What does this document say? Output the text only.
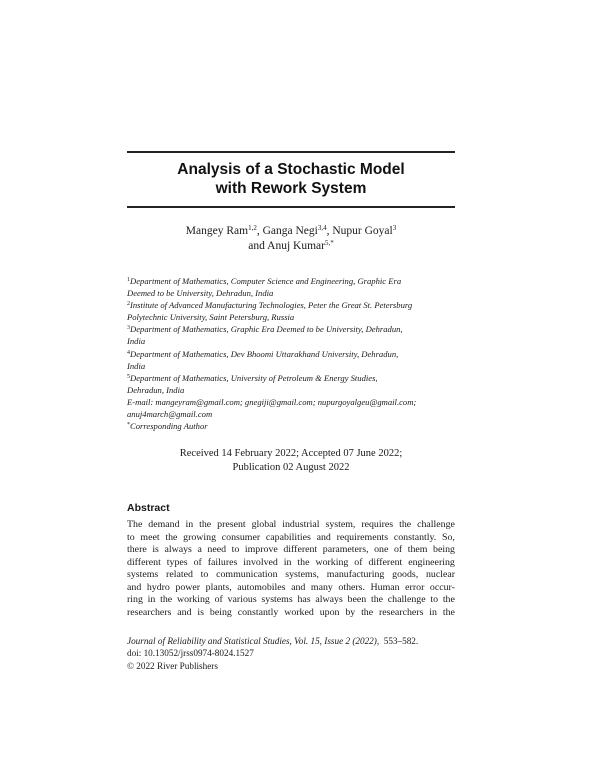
Analysis of a Stochastic Model
with Rework System
Mangey Ram$^{1,2}$, Ganga Negi$^{3,4}$, Nupur Goyal$^3$
and Anuj Kumar$^{5,*}$
$^1$Department of Mathematics, Computer Science and Engineering, Graphic Era
Deemed to be University, Dehradun, India
$^2$Institute of Advanced Manufacturing Technologies, Peter the Great St. Petersburg
Polytechnic University, Saint Petersburg, Russia
$^3$Department of Mathematics, Graphic Era Deemed to be University, Dehradun,
India
$^4$Department of Mathematics, Dev Bhoomi Uttarakhand University, Dehradun,
India
$^5$Department of Mathematics, University of Petroleum & Energy Studies,
Dehradun, India
E-mail: mangeyram@gmail.com; gnegiji@gmail.com; nupurgoyalgeu@gmail.com;
anuj4march@gmail.com
*Corresponding Author
Received 14 February 2022; Accepted 07 June 2022;
Publication 02 August 2022
Abstract
The demand in the present global industrial system, requires the challenge
to meet the growing consumer capabilities and requirements constantly. So,
there is always a need to improve different parameters, one of them being
different types of failures involved in the working of different engineering
systems related to communication systems, manufacturing goods, nuclear
and hydro power plants, automobiles and many others. Human error occur-
ring in the working of various systems has always been the challenge to the
researchers and is being constantly worked upon by the researchers in the
Journal of Reliability and Statistical Studies, Vol. 15, Issue 2 (2022), 553–582.
doi: 10.13052/jrss0974-8024.1527
© 2022 River Publishers
